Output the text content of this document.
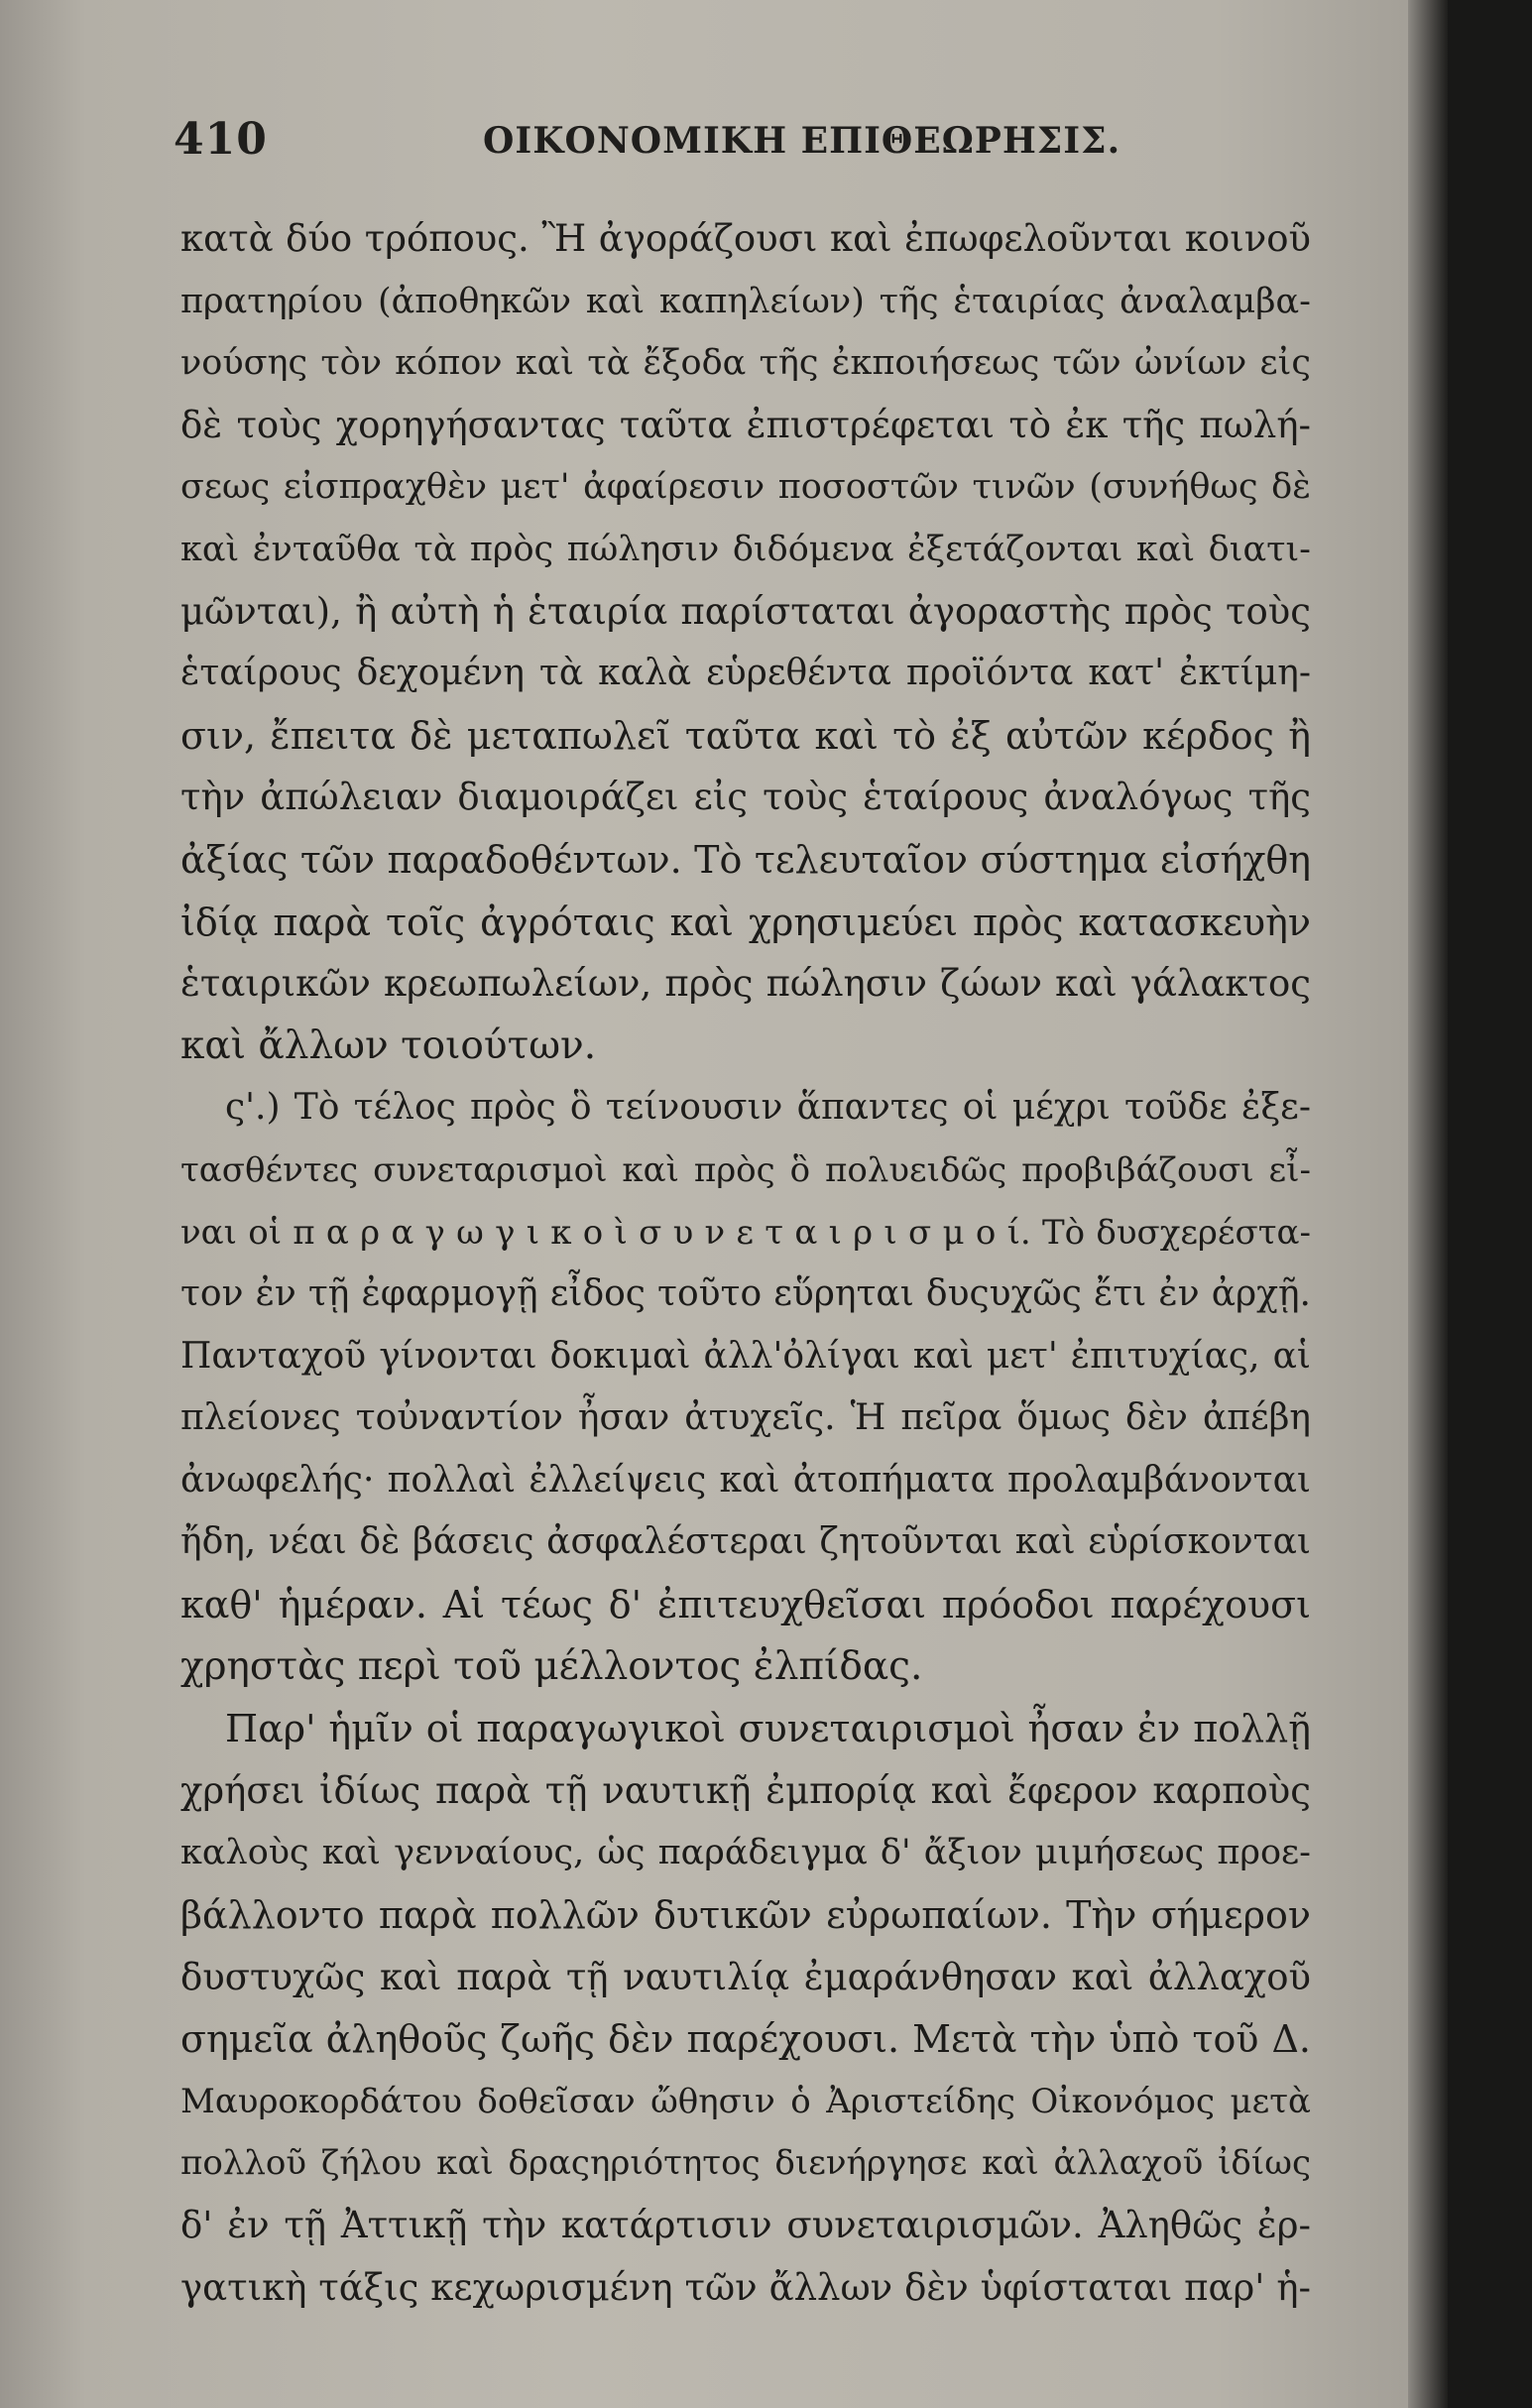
410	ΟΙΚΟΝΟΜΙΚΗ ΕΠΙΘΕΩΡΗΣΙΣ.
κατὰ δύο τρόπους. Ἢ ἀγοράζουσι καὶ ἐπωφελοῦνται κοινοῦ
πρατηρίου (ἀποθηκῶν καὶ καπηλείων) τῆς ἑταιρίας ἀναλαμβα-
νούσης τὸν κόπον καὶ τὰ ἔξοδα τῆς ἐκποιήσεως τῶν ὠνίων εἰς
δὲ τοὺς χορηγήσαντας ταῦτα ἐπιστρέφεται τὸ ἐκ τῆς πωλή-
σεως εἰσπραχθὲν μετ' ἀφαίρεσιν ποσοστῶν τινῶν (συνήθως δὲ
καὶ ἐνταῦθα τὰ πρὸς πώλησιν διδόμενα ἐξετάζονται καὶ διατι-
μῶνται), ἢ αὐτὴ ἡ ἑταιρία παρίσταται ἀγοραστὴς πρὸς τοὺς
ἑταίρους δεχομένη τὰ καλὰ εὑρεθέντα προϊόντα κατ' ἐκτίμη-
σιν, ἔπειτα δὲ μεταπωλεῖ ταῦτα καὶ τὸ ἐξ αὐτῶν κέρδος ἢ
τὴν ἀπώλειαν διαμοιράζει εἰς τοὺς ἑταίρους ἀναλόγως τῆς
ἀξίας τῶν παραδοθέντων. Τὸ τελευταῖον σύστημα εἰσήχθη
ἰδίᾳ παρὰ τοῖς ἀγρόταις καὶ χρησιμεύει πρὸς κατασκευὴν
ἑταιρικῶν κρεωπωλείων, πρὸς πώλησιν ζώων καὶ γάλακτος
καὶ ἄλλων τοιούτων.
ς'.) Τὸ τέλος πρὸς ὃ τείνουσιν ἅπαντες οἱ μέχρι τοῦδε ἐξε-
τασθέντες συνεταρισμοὶ καὶ πρὸς ὃ πολυειδῶς προβιβάζουσι εἶ-
ναι οἱ π α ρ α γ ω γ ι κ ο ὶ σ υ ν ε τ α ι ρ ι σ μ ο ί. Τὸ δυσχερέστα-
τον ἐν τῇ ἐφαρμογῇ εἶδος τοῦτο εὕρηται δυςυχῶς ἔτι ἐν ἀρχῇ.
Πανταχοῦ γίνονται δοκιμαὶ ἀλλ'ὀλίγαι καὶ μετ' ἐπιτυχίας, αἱ
πλείονες τοὐναντίον ἦσαν ἀτυχεῖς. Ἡ πεῖρα ὅμως δὲν ἀπέβη
ἀνωφελής· πολλαὶ ἐλλείψεις καὶ ἀτοπήματα προλαμβάνονται
ἤδη, νέαι δὲ βάσεις ἀσφαλέστεραι ζητοῦνται καὶ εὑρίσκονται
καθ' ἡμέραν. Αἱ τέως δ' ἐπιτευχθεῖσαι πρόοδοι παρέχουσι
χρηστὰς περὶ τοῦ μέλλοντος ἐλπίδας.
Παρ' ἡμῖν οἱ παραγωγικοὶ συνεταιρισμοὶ ἦσαν ἐν πολλῇ
χρήσει ἰδίως παρὰ τῇ ναυτικῇ ἐμπορίᾳ καὶ ἔφερον καρποὺς
καλοὺς καὶ γενναίους, ὡς παράδειγμα δ' ἄξιον μιμήσεως προε-
βάλλοντο παρὰ πολλῶν δυτικῶν εὐρωπαίων. Τὴν σήμερον
δυστυχῶς καὶ παρὰ τῇ ναυτιλίᾳ ἐμαράνθησαν καὶ ἀλλαχοῦ
σημεῖα ἀληθοῦς ζωῆς δὲν παρέχουσι. Μετὰ τὴν ὑπὸ τοῦ Δ.
Μαυροκορδάτου δοθεῖσαν ὤθησιν ὁ Ἀριστείδης Οἰκονόμος μετὰ
πολλοῦ ζήλου καὶ δραςηριότητος διενήργησε καὶ ἀλλαχοῦ ἰδίως
δ' ἐν τῇ Ἀττικῇ τὴν κατάρτισιν συνεταιρισμῶν. Ἀληθῶς ἐρ-
γατικὴ τάξις κεχωρισμένη τῶν ἄλλων δὲν ὑφίσταται παρ' ἡ-
